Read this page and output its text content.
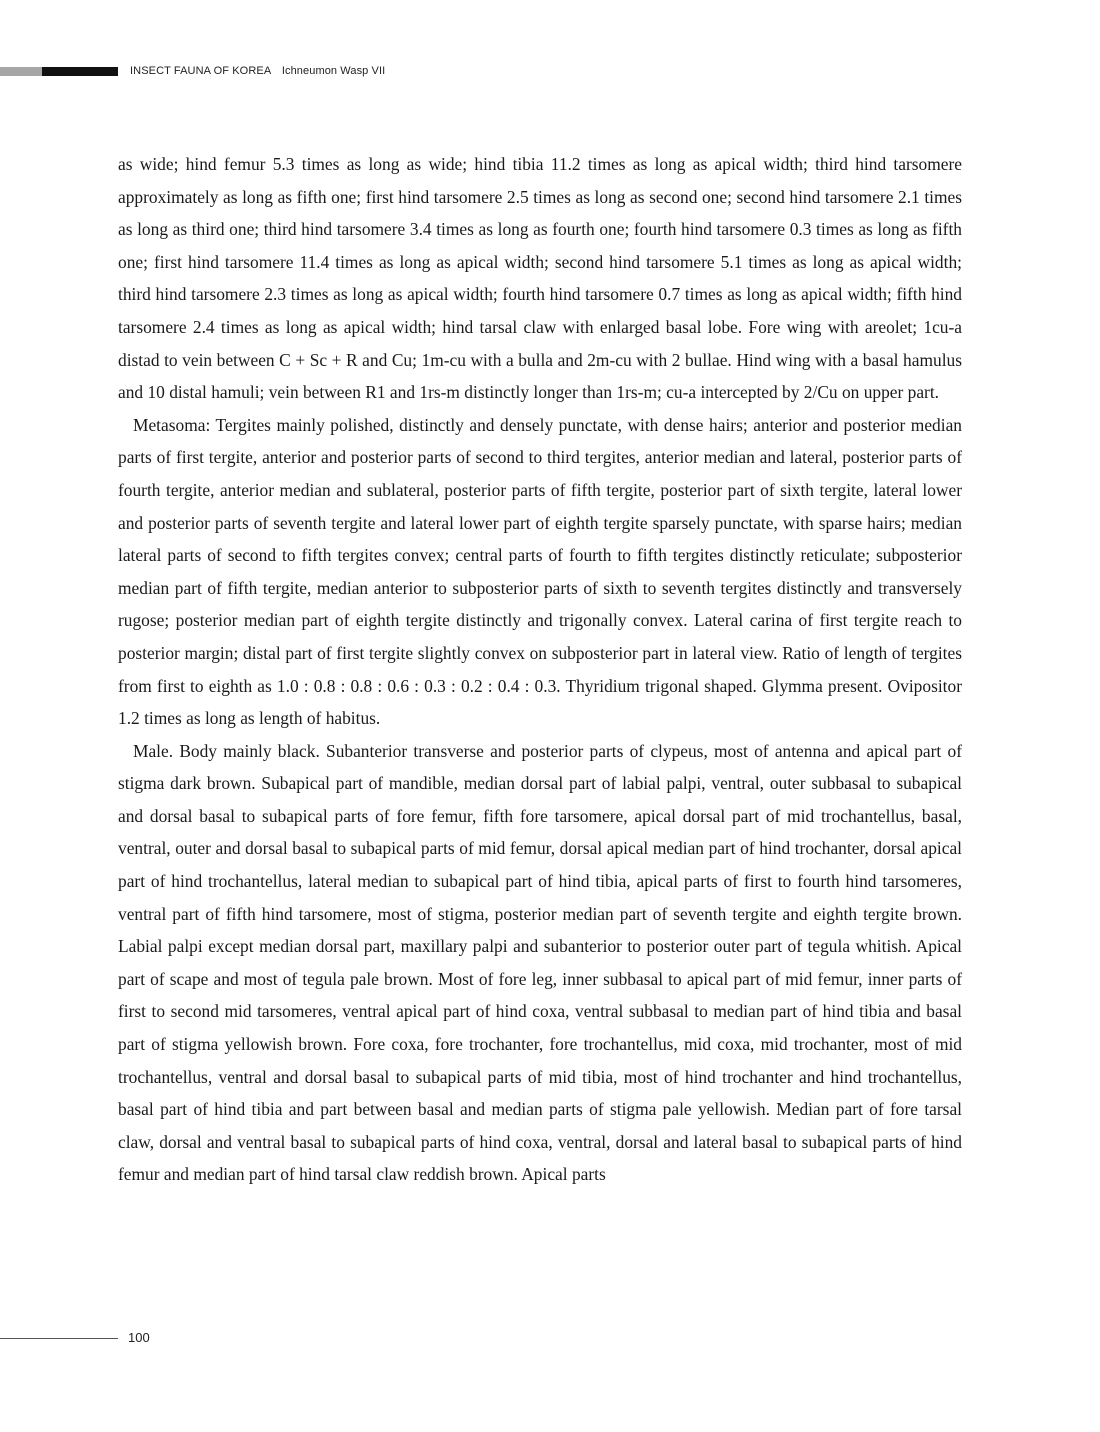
INSECT FAUNA OF KOREA Ichneumon Wasp VII

as wide; hind femur 5.3 times as long as wide; hind tibia 11.2 times as long as apical width; third hind tarsomere approximately as long as fifth one; first hind tarsomere 2.5 times as long as second one; second hind tarsomere 2.1 times as long as third one; third hind tarsomere 3.4 times as long as fourth one; fourth hind tarsomere 0.3 times as long as fifth one; first hind tarsomere 11.4 times as long as apical width; second hind tarsomere 5.1 times as long as apical width; third hind tarsomere 2.3 times as long as apical width; fourth hind tarsomere 0.7 times as long as apical width; fifth hind tarsomere 2.4 times as long as apical width; hind tarsal claw with enlarged basal lobe. Fore wing with areolet; 1cu-a distad to vein between C + Sc + R and Cu; 1m-cu with a bulla and 2m-cu with 2 bullae. Hind wing with a basal hamulus and 10 distal hamuli; vein between R1 and 1rs-m distinctly longer than 1rs-m; cu-a intercepted by 2/Cu on upper part.

Metasoma: Tergites mainly polished, distinctly and densely punctate, with dense hairs; anterior and posterior median parts of first tergite, anterior and posterior parts of second to third tergites, anterior median and lateral, posterior parts of fourth tergite, anterior median and sublateral, posterior parts of fifth tergite, posterior part of sixth tergite, lateral lower and posterior parts of seventh tergite and lateral lower part of eighth tergite sparsely punctate, with sparse hairs; median lateral parts of second to fifth tergites convex; central parts of fourth to fifth tergites distinctly reticulate; subposterior median part of fifth tergite, median anterior to subposterior parts of sixth to seventh tergites distinctly and transversely rugose; posterior median part of eighth tergite distinctly and trigonally convex. Lateral carina of first tergite reach to posterior margin; distal part of first tergite slightly convex on subposterior part in lateral view. Ratio of length of tergites from first to eighth as 1.0 : 0.8 : 0.8 : 0.6 : 0.3 : 0.2 : 0.4 : 0.3. Thyridium trigonal shaped. Glymma present. Ovipositor 1.2 times as long as length of habitus.

Male. Body mainly black. Subanterior transverse and posterior parts of clypeus, most of antenna and apical part of stigma dark brown. Subapical part of mandible, median dorsal part of labial palpi, ventral, outer subbasal to subapical and dorsal basal to subapical parts of fore femur, fifth fore tarsomere, apical dorsal part of mid trochantellus, basal, ventral, outer and dorsal basal to subapical parts of mid femur, dorsal apical median part of hind trochanter, dorsal apical part of hind trochantellus, lateral median to subapical part of hind tibia, apical parts of first to fourth hind tarsomeres, ventral part of fifth hind tarsomere, most of stigma, posterior median part of seventh tergite and eighth tergite brown. Labial palpi except median dorsal part, maxillary palpi and subanterior to posterior outer part of tegula whitish. Apical part of scape and most of tegula pale brown. Most of fore leg, inner subbasal to apical part of mid femur, inner parts of first to second mid tarsomeres, ventral apical part of hind coxa, ventral subbasal to median part of hind tibia and basal part of stigma yellowish brown. Fore coxa, fore trochanter, fore trochantellus, mid coxa, mid trochanter, most of mid trochantellus, ventral and dorsal basal to subapical parts of mid tibia, most of hind trochanter and hind trochantellus, basal part of hind tibia and part between basal and median parts of stigma pale yellowish. Median part of fore tarsal claw, dorsal and ventral basal to subapical parts of hind coxa, ventral, dorsal and lateral basal to subapical parts of hind femur and median part of hind tarsal claw reddish brown. Apical parts

100
